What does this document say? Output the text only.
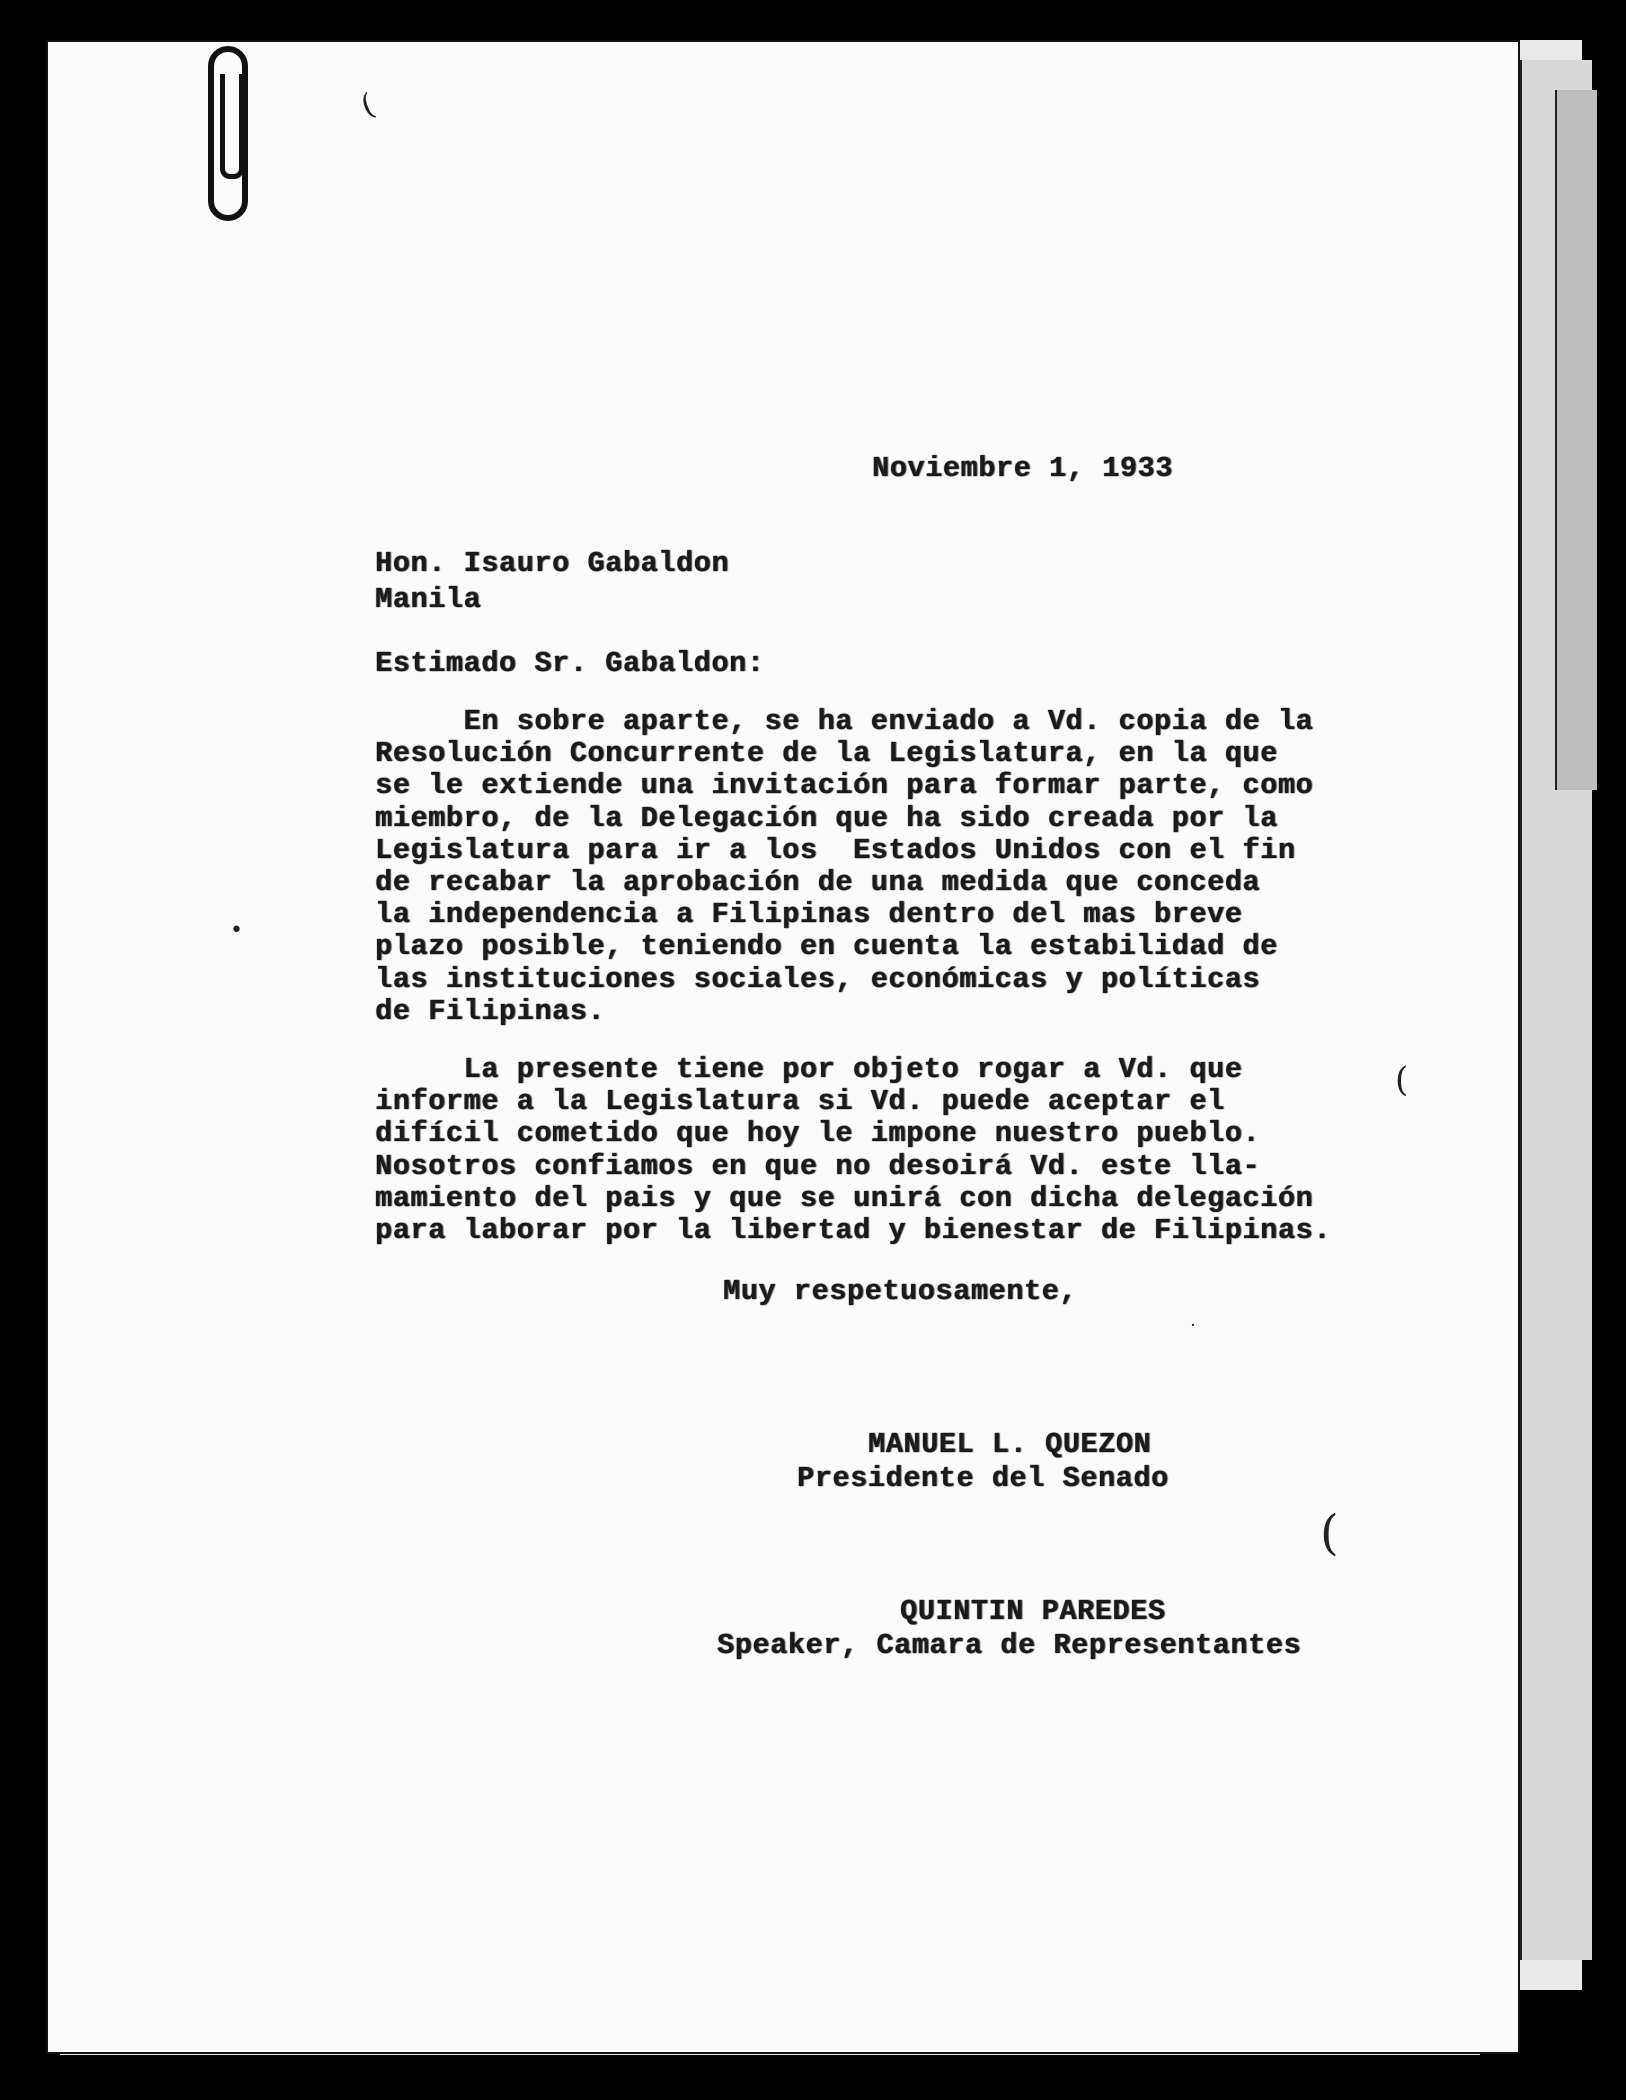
(
(
(
•
˙

Noviembre 1, 1933

Hon. Isauro Gabaldon

Manila

Estimado Sr. Gabaldon:

En sobre aparte, se ha enviado a Vd. copia de la
Resolución Concurrente de la Legislatura, en la que
se le extiende una invitación para formar parte, como
miembro, de la Delegación que ha sido creada por la
Legislatura para ir a los  Estados Unidos con el fin
de recabar la aprobación de una medida que conceda
la independencia a Filipinas dentro del mas breve
plazo posible, teniendo en cuenta la estabilidad de
las instituciones sociales, económicas y políticas
de Filipinas.
La presente tiene por objeto rogar a Vd. que
informe a la Legislatura si Vd. puede aceptar el
difícil cometido que hoy le impone nuestro pueblo.
Nosotros confiamos en que no desoirá Vd. este lla-
mamiento del pais y que se unirá con dicha delegación
para laborar por la libertad y bienestar de Filipinas.

Muy respetuosamente,

MANUEL L. QUEZON

Presidente del Senado

QUINTIN PAREDES

Speaker, Camara de Representantes
